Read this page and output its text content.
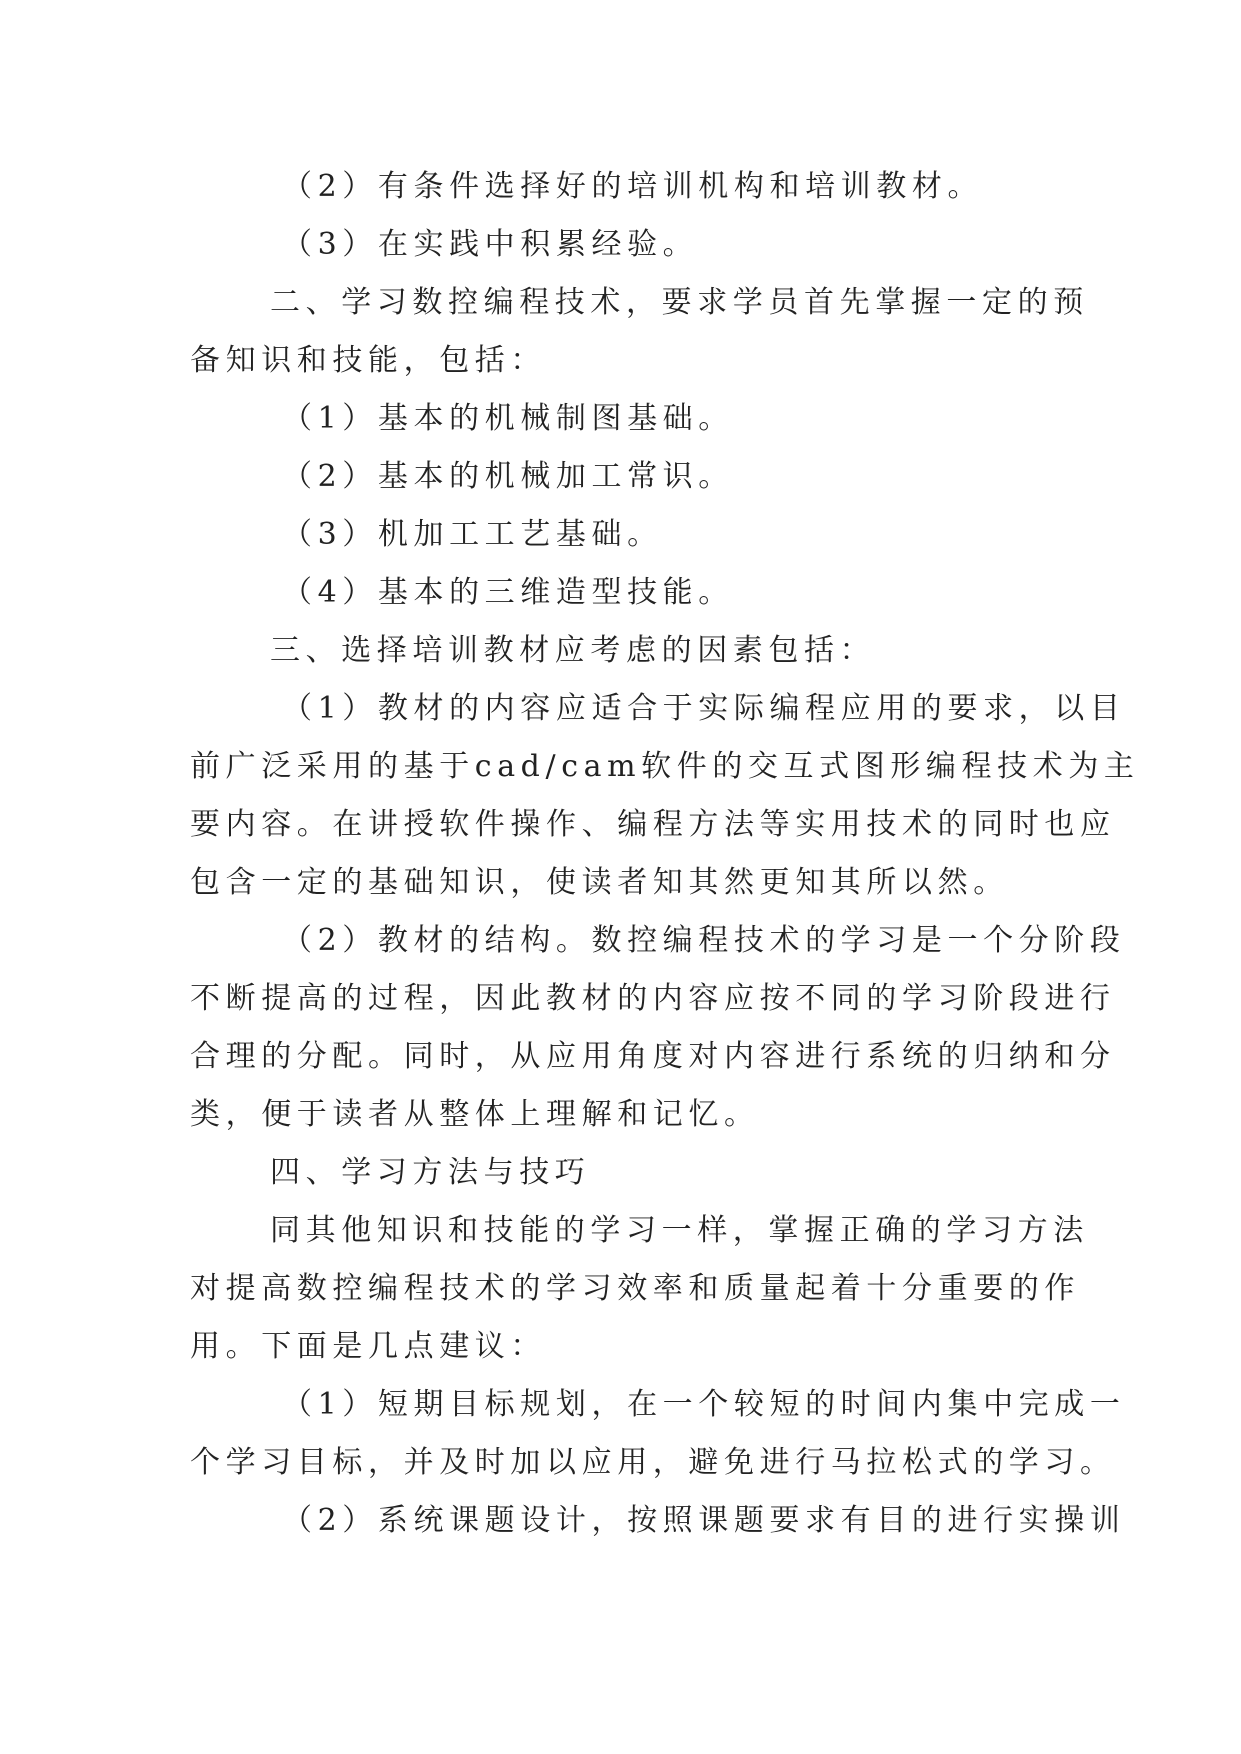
（2）有条件选择好的培训机构和培训教材。
（3）在实践中积累经验。
二、学习数控编程技术，要求学员首先掌握一定的预
备知识和技能，包括：
（1）基本的机械制图基础。
（2）基本的机械加工常识。
（3）机加工工艺基础。
（4）基本的三维造型技能。
三、选择培训教材应考虑的因素包括：
（1）教材的内容应适合于实际编程应用的要求，以目
前广泛采用的基于cad/cam软件的交互式图形编程技术为主
要内容。在讲授软件操作、编程方法等实用技术的同时也应
包含一定的基础知识，使读者知其然更知其所以然。
（2）教材的结构。数控编程技术的学习是一个分阶段
不断提高的过程，因此教材的内容应按不同的学习阶段进行
合理的分配。同时，从应用角度对内容进行系统的归纳和分
类，便于读者从整体上理解和记忆。
四、学习方法与技巧
同其他知识和技能的学习一样，掌握正确的学习方法
对提高数控编程技术的学习效率和质量起着十分重要的作
用。下面是几点建议：
（1）短期目标规划，在一个较短的时间内集中完成一
个学习目标，并及时加以应用，避免进行马拉松式的学习。
（2）系统课题设计，按照课题要求有目的进行实操训
